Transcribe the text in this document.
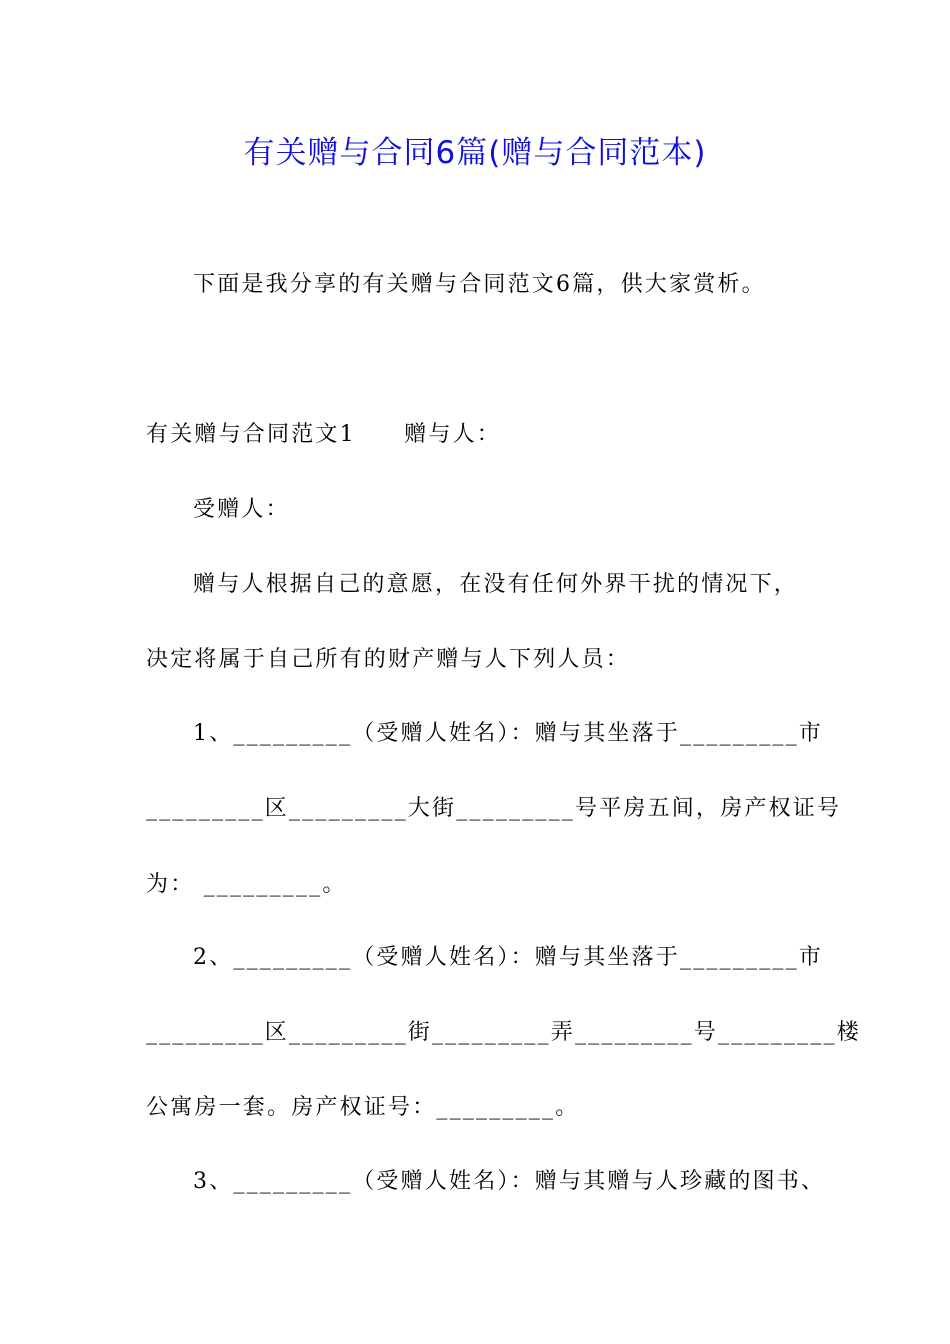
有关赠与合同6篇(赠与合同范本)
下面是我分享的有关赠与合同范文6篇，供大家赏析。
有关赠与合同范文1　　赠与人：
受赠人：
赠与人根据自己的意愿，在没有任何外界干扰的情况下，
决定将属于自己所有的财产赠与人下列人员：
1、_________（受赠人姓名）：赠与其坐落于_________市
_________区_________大街_________号平房五间，房产权证号
为： _________。
2、_________（受赠人姓名）：赠与其坐落于_________市
_________区_________街_________弄_________号_________楼
公寓房一套。房产权证号：_________。
3、_________（受赠人姓名）：赠与其赠与人珍藏的图书、
